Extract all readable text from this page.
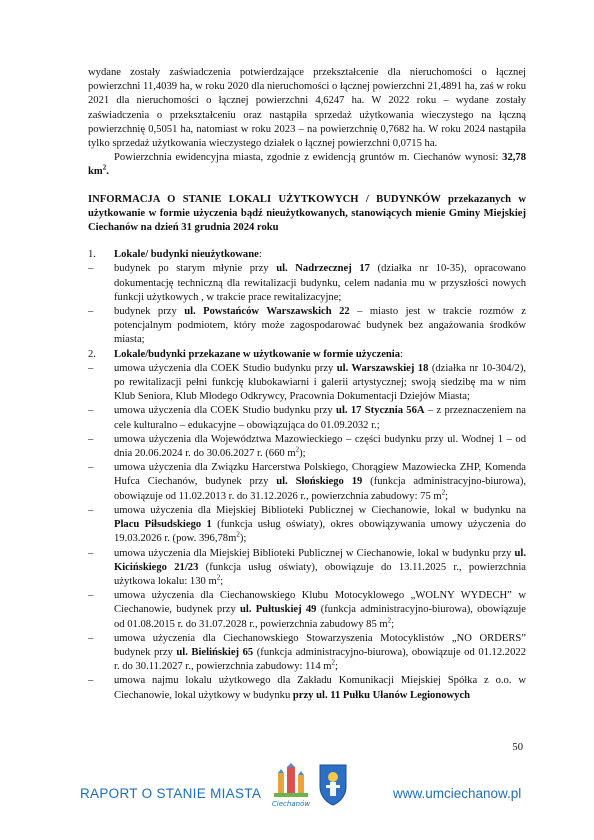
wydane zostały zaświadczenia potwierdzające przekształcenie dla nieruchomości o łącznej powierzchni 11,4039 ha, w roku 2020 dla nieruchomości o łącznej powierzchni 21,4891 ha, zaś w roku 2021 dla nieruchomości o łącznej powierzchni 4,6247 ha. W 2022 roku – wydane zostały zaświadczenia o przekształceniu oraz nastąpiła sprzedaż użytkowania wieczystego na łączną powierzchnię 0,5051 ha, natomiast w roku 2023 – na powierzchnię 0,7682 ha. W roku 2024 nastąpiła tylko sprzedaż użytkowania wieczystego działek o łącznej powierzchni 0,0715 ha.

Powierzchnia ewidencyjna miasta, zgodnie z ewidencją gruntów m. Ciechanów wynosi: 32,78 $km^2$.

INFORMACJA O STANIE LOKALI UŻYTKOWYCH / BUDYNKÓW przekazanych w użytkowanie w formie użyczenia bądź nieużytkowanych, stanowiących mienie Gminy Miejskiej Ciechanów na dzień 31 grudnia 2024 roku

1.	Lokale/ budynki nieużytkowane:
–	budynek po starym młynie przy ul. Nadrzecznej 17 (działka nr 10-35), opracowano dokumentację techniczną dla rewitalizacji budynku, celem nadania mu w przyszłości nowych funkcji użytkowych , w trakcie prace rewitalizacyjne;
–	budynek przy ul. Powstańców Warszawskich 22 – miasto jest w trakcie rozmów z potencjalnym podmiotem, który może zagospodarować budynek bez angażowania środków miasta;
2.	Lokale/budynki przekazane w użytkowanie w formie użyczenia:
–	umowa użyczenia dla COEK Studio budynku przy ul. Warszawskiej 18 (działka nr 10-304/2), po rewitalizacji pełni funkcję klubokawiarni i galerii artystycznej; swoją siedzibę ma w nim Klub Seniora, Klub Młodego Odkrywcy, Pracownia Dokumentacji Dziejów Miasta;
–	umowa użyczenia dla COEK Studio budynku przy ul. 17 Stycznia 56A – z przeznaczeniem na cele kulturalno – edukacyjne – obowiązująca do 01.09.2032 r.;
–	umowa użyczenia dla Województwa Mazowieckiego – części budynku przy ul. Wodnej 1 – od dnia 20.06.2024 r. do 30.06.2027 r. (660 $m^2$);
–	umowa użyczenia dla Związku Harcerstwa Polskiego, Chorągiew Mazowiecka ZHP, Komenda Hufca Ciechanów, budynek przy ul. Słońskiego 19 (funkcja administracyjno-biurowa), obowiązuje od 11.02.2013 r. do 31.12.2026 r., powierzchnia zabudowy: 75 $m^2$;
–	umowa użyczenia dla Miejskiej Biblioteki Publicznej w Ciechanowie, lokal w budynku na Placu Piłsudskiego 1 (funkcja usług oświaty), okres obowiązywania umowy użyczenia do 19.03.2026 r. (pow. $396,78m^2$);
–	umowa użyczenia dla Miejskiej Biblioteki Publicznej w Ciechanowie, lokal w budynku przy ul. Kicińskiego 21/23 (funkcja usług oświaty), obowiązuje do 13.11.2025 r., powierzchnia użytkowa lokalu: 130 $m^2$;
–	umowa użyczenia dla Ciechanowskiego Klubu Motocyklowego „WOLNY WYDECH” w Ciechanowie, budynek przy ul. Pułtuskiej 49 (funkcja administracyjno-biurowa), obowiązuje od 01.08.2015 r. do 31.07.2028 r., powierzchnia zabudowy 85 $m^2$;
–	umowa użyczenia dla Ciechanowskiego Stowarzyszenia Motocyklistów „NO ORDERS” budynek przy ul. Bielińskiej 65 (funkcja administracyjno-biurowa), obowiązuje od 01.12.2022 r. do 30.11.2027 r., powierzchnia zabudowy: 114 $m^2$;
–	umowa najmu lokalu użytkowego dla Zakładu Komunikacji Miejskiej Spółka z o.o. w Ciechanowie, lokal użytkowy w budynku przy ul. 11 Pułku Ułanów Legionowych
50
RAPORT O STANIE MIASTA
Ciechanów
www.umciechanow.pl
